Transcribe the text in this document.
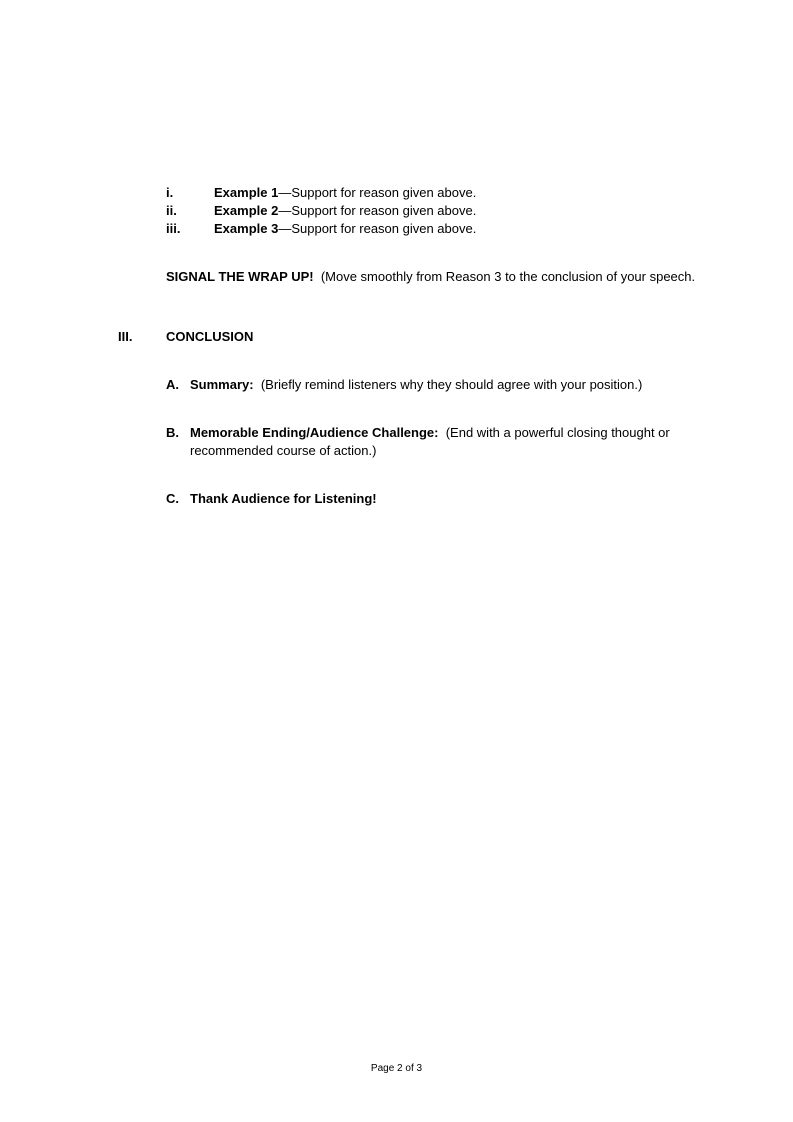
i.	Example 1—Support for reason given above.
ii.	Example 2—Support for reason given above.
iii.	Example 3—Support for reason given above.
SIGNAL THE WRAP UP! (Move smoothly from Reason 3 to the conclusion of your speech.
III.	CONCLUSION
A. Summary: (Briefly remind listeners why they should agree with your position.)
B. Memorable Ending/Audience Challenge: (End with a powerful closing thought or recommended course of action.)
C. Thank Audience for Listening!
Page 2 of 3
